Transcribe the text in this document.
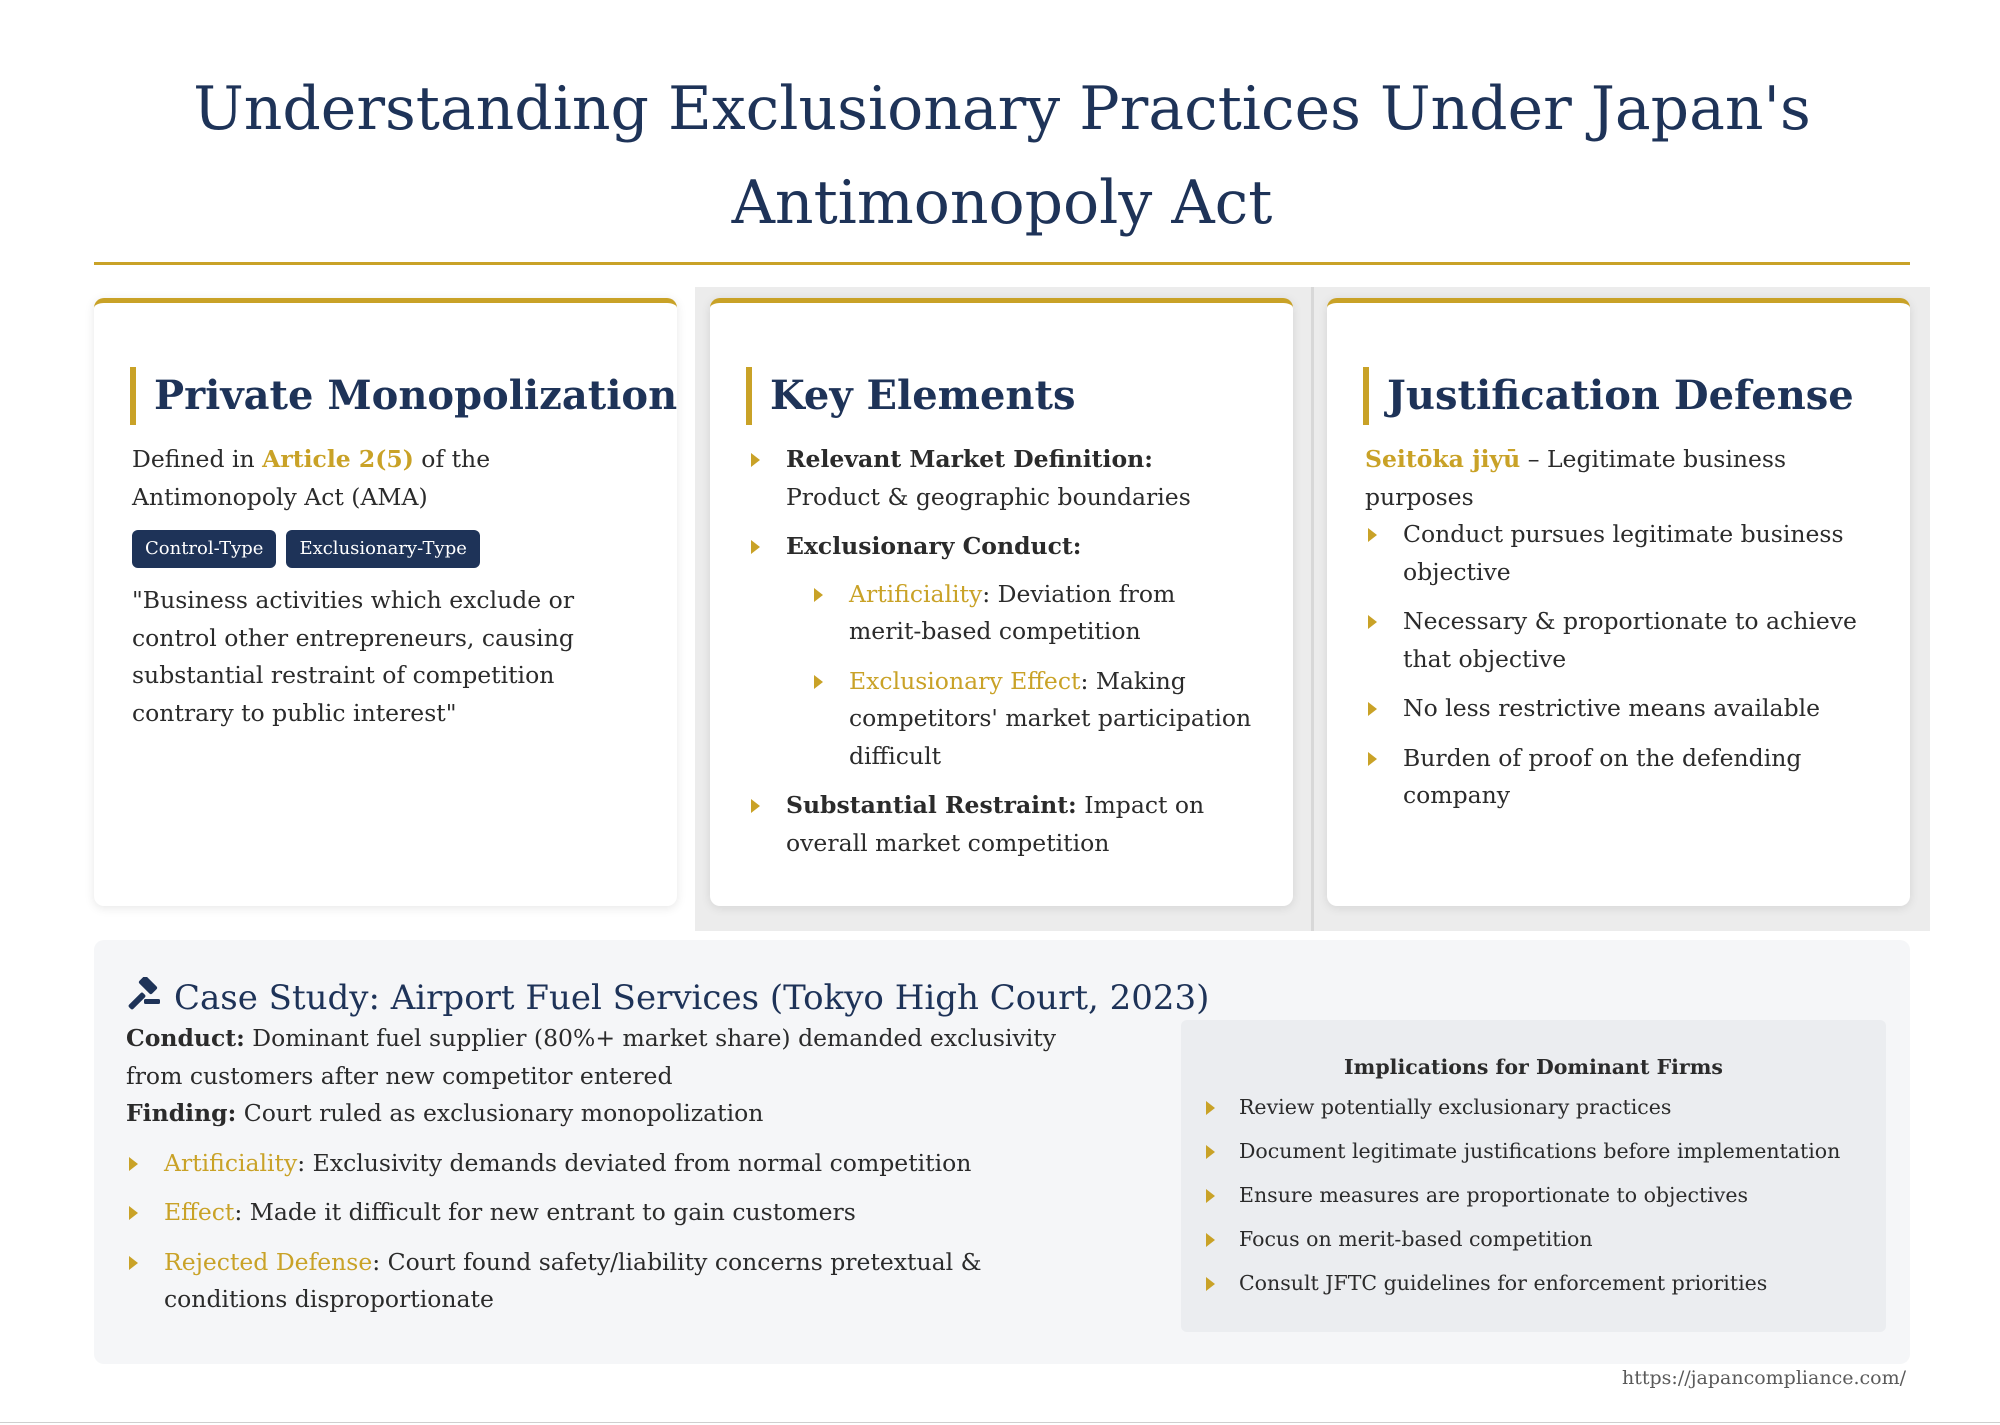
Understanding Exclusionary Practices Under Japan's Antimonopoly Act
Private Monopolization
Defined in Article 2(5) of the Antimonopoly Act (AMA)
Control-Type Exclusionary-Type
"Business activities which exclude or control other entrepreneurs, causing substantial restraint of competition contrary to public interest"
Key Elements
Relevant Market Definition: Product & geographic boundaries
Exclusionary Conduct:
Artificiality: Deviation from merit-based competition
Exclusionary Effect: Making competitors' market participation difficult
Substantial Restraint: Impact on overall market competition
Justification Defense
Seitōka jiyū – Legitimate business purposes
Conduct pursues legitimate business objective
Necessary & proportionate to achieve that objective
No less restrictive means available
Burden of proof on the defending company
Case Study: Airport Fuel Services (Tokyo High Court, 2023)
Conduct: Dominant fuel supplier (80%+ market share) demanded exclusivity from customers after new competitor entered
Finding: Court ruled as exclusionary monopolization
Artificiality: Exclusivity demands deviated from normal competition
Effect: Made it difficult for new entrant to gain customers
Rejected Defense: Court found safety/liability concerns pretextual & conditions disproportionate
Implications for Dominant Firms
Review potentially exclusionary practices
Document legitimate justifications before implementation
Ensure measures are proportionate to objectives
Focus on merit-based competition
Consult JFTC guidelines for enforcement priorities
https://japancompliance.com/
